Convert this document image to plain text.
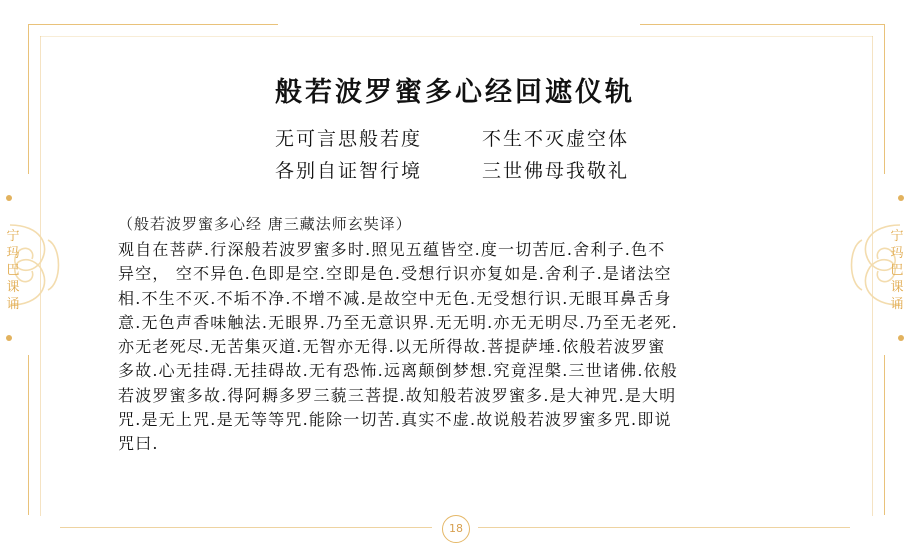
宁玛巴课诵
宁玛巴课诵
般若波罗蜜多心经回遮仪轨
无可言思般若度	不生不灭虚空体
各别自证智行境	三世佛母我敬礼
（般若波罗蜜多心经 唐三藏法师玄奘译）
观自在菩萨.行深般若波罗蜜多时.照见五蕴皆空.度一切苦厄.舍利子.色不
异空， 空不异色.色即是空.空即是色.受想行识亦复如是.舍利子.是诸法空
相.不生不灭.不垢不净.不增不减.是故空中无色.无受想行识.无眼耳鼻舌身
意.无色声香味触法.无眼界.乃至无意识界.无无明.亦无无明尽.乃至无老死.
亦无老死尽.无苦集灭道.无智亦无得.以无所得故.菩提萨埵.依般若波罗蜜
多故.心无挂碍.无挂碍故.无有恐怖.远离颠倒梦想.究竟涅槃.三世诸佛.依般
若波罗蜜多故.得阿耨多罗三藐三菩提.故知般若波罗蜜多.是大神咒.是大明
咒.是无上咒.是无等等咒.能除一切苦.真实不虚.故说般若波罗蜜多咒.即说
咒曰.
18
